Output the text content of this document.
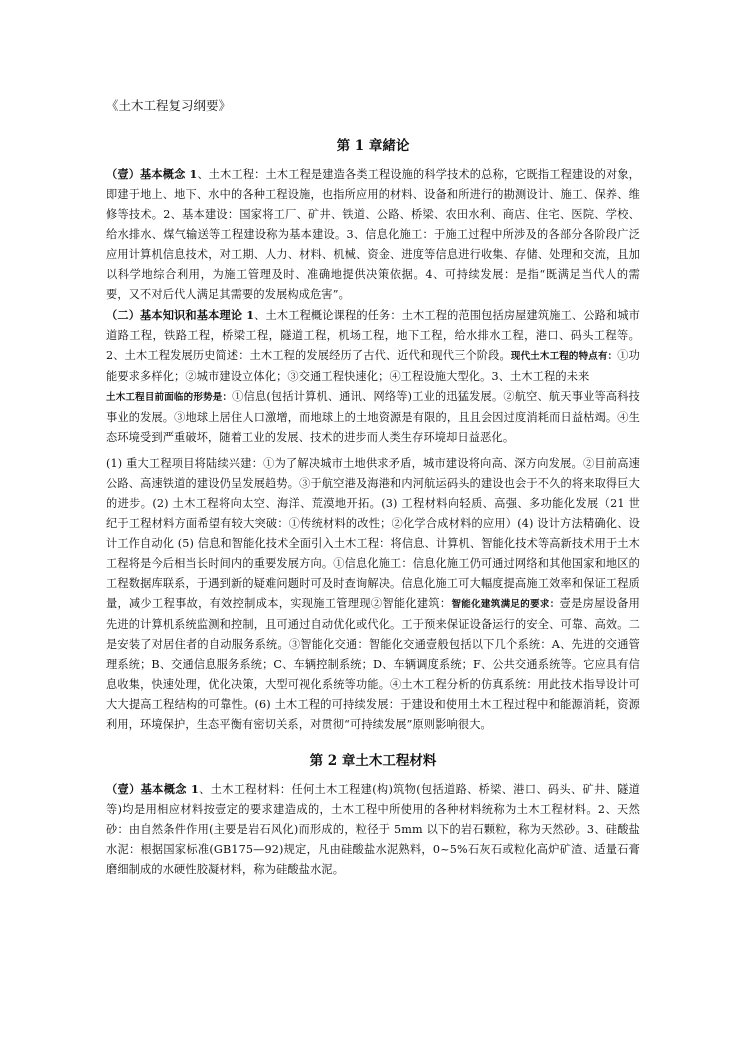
《土木工程复习纲要》
第 1 章緒论

（壹）基本概念 1、土木工程：土木工程是建造各类工程设施的科学技术的总称，它既指工程建设的对象，即建于地上、地下、水中的各种工程设施，也指所应用的材料、设备和所进行的勘测设计、施工、保养、维修等技术。2、基本建设：国家将工厂、矿井、铁道、公路、桥梁、农田水利、商店、住宅、医院、学校、给水排水、煤气输送等工程建设称为基本建设。3、信息化施工：于施工过程中所涉及的各部分各阶段广泛应用计算机信息技术，对工期、人力、材料、机械、资金、进度等信息进行收集、存储、处理和交流，且加以科学地综合利用，为施工管理及时、准确地提供决策依据。4、可持续发展：是指“既满足当代人的需要，又不对后代人满足其需要的发展构成危害”。

（二）基本知识和基本理论 1、土木工程概论课程的任务：土木工程的范围包括房屋建筑施工、公路和城市道路工程，铁路工程，桥梁工程，隧道工程，机场工程，地下工程，给水排水工程，港口、码头工程等。2、土木工程发展历史简述：土木工程的发展经历了古代、近代和现代三个阶段。现代土木工程的特点有：①功能要求多样化；②城市建设立体化；③交通工程快速化；④工程设施大型化。3、土木工程的未来

土木工程目前面临的形势是：①信息(包括计算机、通讯、网络等)工业的迅猛发展。②航空、航天事业等高科技事业的发展。③地球上居住人口激增，而地球上的土地资源是有限的，且且会因过度消耗而日益枯竭。④生态环境受到严重破坏，随着工业的发展、技术的进步而人类生存环境却日益恶化。

(1) 重大工程项目将陆续兴建：①为了解决城市土地供求矛盾，城市建设将向高、深方向发展。②目前高速公路、高速铁道的建设仍呈发展趋势。③于航空港及海港和内河航运码头的建设也会于不久的将来取得巨大的进步。(2) 土木工程将向太空、海洋、荒漠地开拓。(3) 工程材料向轻质、高强、多功能化发展（21 世纪于工程材料方面希望有较大突破：①传统材料的改性；②化学合成材料的应用）(4) 设计方法精确化、设计工作自动化 (5) 信息和智能化技术全面引入土木工程：将信息、计算机、智能化技术等高新技术用于土木工程将是今后相当长时间内的重要发展方向。①信息化施工：信息化施工仍可通过网络和其他国家和地区的工程数据库联系，于遇到新的疑难问题时可及时查询解决。信息化施工可大幅度提高施工效率和保证工程质量，减少工程事故，有效控制成本，实现施工管理现②智能化建筑：智能化建筑满足的要求：壹是房屋设备用先进的计算机系统监测和控制，且可通过自动优化或代化。工于预来保证设备运行的安全、可靠、高效。二是安装了对居住者的自动服务系统。③智能化交通：智能化交通壹般包括以下几个系统：A、先进的交通管理系统；B、交通信息服务系统；C、车辆控制系统；D、车辆调度系统；F、公共交通系统等。它应具有信息收集，快速处理，优化决策，大型可视化系统等功能。④土木工程分析的仿真系统：用此技术指导设计可大大提高工程结构的可靠性。(6) 土木工程的可持续发展：于建设和使用土木工程过程中和能源消耗，资源利用，环境保护，生态平衡有密切关系，对贯彻“可持续发展”原则影响很大。

第 2 章土木工程材料

（壹）基本概念 1、土木工程材料：任何土木工程建(构)筑物(包括道路、桥梁、港口、码头、矿井、隧道等)均是用相应材料按壹定的要求建造成的，土木工程中所使用的各种材料统称为土木工程材料。2、天然砂：由自然条件作用(主要是岩石风化)而形成的，粒径于 5mm 以下的岩石颗粒，称为天然砂。3、硅酸盐水泥：根据国家标准(GB175—92)规定，凡由硅酸盐水泥熟料，0~5%石灰石或粒化高炉矿渣、适量石膏磨细制成的水硬性胶凝材料，称为硅酸盐水泥。
